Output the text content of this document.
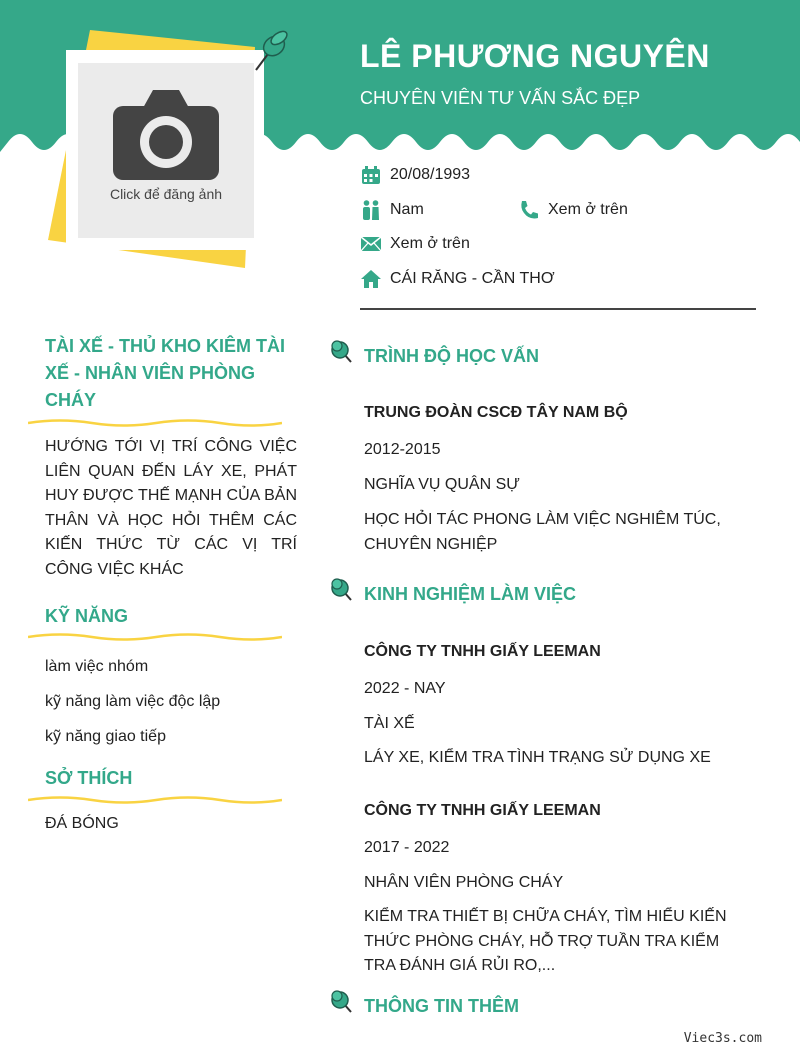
LÊ PHƯƠNG NGUYÊN
CHUYÊN VIÊN TƯ VẤN SẮC ĐẸP
Click để đăng ảnh
20/08/1993
Nam	Xem ở trên
Xem ở trên
CÁI RĂNG - CẦN THƠ
TÀI XẾ - THỦ KHO KIÊM TÀI XẾ - NHÂN VIÊN PHÒNG CHÁY
HƯỚNG TỚI VỊ TRÍ CÔNG VIỆC LIÊN QUAN ĐẾN LÁY XE, PHÁT HUY ĐƯỢC THẾ MẠNH CỦA BẢN THÂN VÀ HỌC HỎI THÊM CÁC KIẾN THỨC TỪ CÁC VỊ TRÍ CÔNG VIỆC KHÁC
KỸ NĂNG
làm việc nhóm
kỹ năng làm việc độc lập
kỹ năng giao tiếp
SỞ THÍCH
ĐÁ BÓNG
TRÌNH ĐỘ HỌC VẤN
TRUNG ĐOÀN CSCĐ TÂY NAM BỘ
2012-2015
NGHĨA VỤ QUÂN SỰ
HỌC HỎI TÁC PHONG LÀM VIỆC NGHIÊM TÚC, CHUYÊN NGHIỆP
KINH NGHIỆM LÀM VIỆC
CÔNG TY TNHH GIẤY LEEMAN
2022 - NAY
TÀI XẾ
LÁY XE, KIỂM TRA TÌNH TRẠNG SỬ DỤNG XE
CÔNG TY TNHH GIẤY LEEMAN
2017 - 2022
NHÂN VIÊN PHÒNG CHÁY
KIỂM TRA THIẾT BỊ CHỮA CHÁY, TÌM HIỂU KIẾN THỨC PHÒNG CHÁY, HỖ TRỢ TUẦN TRA KIỂM TRA ĐÁNH GIÁ RỦI RO,...
THÔNG TIN THÊM
Viec3s.com
